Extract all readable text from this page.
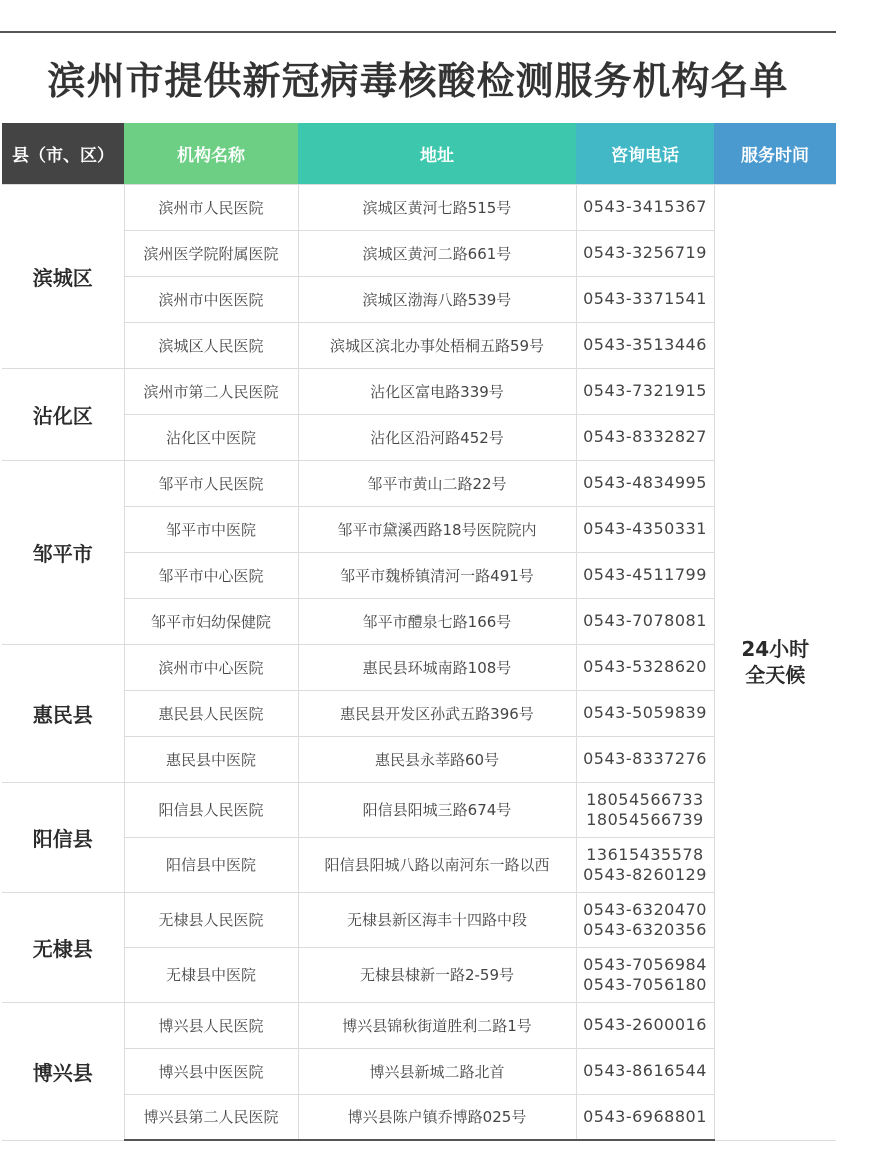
滨州市提供新冠病毒核酸检测服务机构名单
县（市、区）	机构名称	地址	咨询电话	服务时间
滨城区	滨州市人民医院	滨城区黄河七路515号	0543-3415367	24小时
全天候

	滨州医学院附属医院	滨城区黄河二路661号	0543-3256719	

	滨州市中医医院	滨城区渤海八路539号	0543-3371541	

	滨城区人民医院	滨城区滨北办事处梧桐五路59号	0543-3513446	

沾化区	滨州市第二人民医院	沾化区富电路339号	0543-7321915	

	沾化区中医院	沾化区沿河路452号	0543-8332827	

邹平市	邹平市人民医院	邹平市黄山二路22号	0543-4834995	

	邹平市中医院	邹平市黛溪西路18号医院院内	0543-4350331	

	邹平市中心医院	邹平市魏桥镇清河一路491号	0543-4511799	

	邹平市妇幼保健院	邹平市醴泉七路166号	0543-7078081	

惠民县	滨州市中心医院	惠民县环城南路108号	0543-5328620	

	惠民县人民医院	惠民县开发区孙武五路396号	0543-5059839	

	惠民县中医院	惠民县永莘路60号	0543-8337276	

阳信县	阳信县人民医院	阳信县阳城三路674号	18054566733
18054566739	

	阳信县中医院	阳信县阳城八路以南河东一路以西	13615435578
0543-8260129	

无棣县	无棣县人民医院	无棣县新区海丰十四路中段	0543-6320470
0543-6320356	

	无棣县中医院	无棣县棣新一路2-59号	0543-7056984
0543-7056180	

博兴县	博兴县人民医院	博兴县锦秋街道胜利二路1号	0543-2600016	

	博兴县中医医院	博兴县新城二路北首	0543-8616544	

	博兴县第二人民医院	博兴县陈户镇乔博路025号	0543-6968801	
